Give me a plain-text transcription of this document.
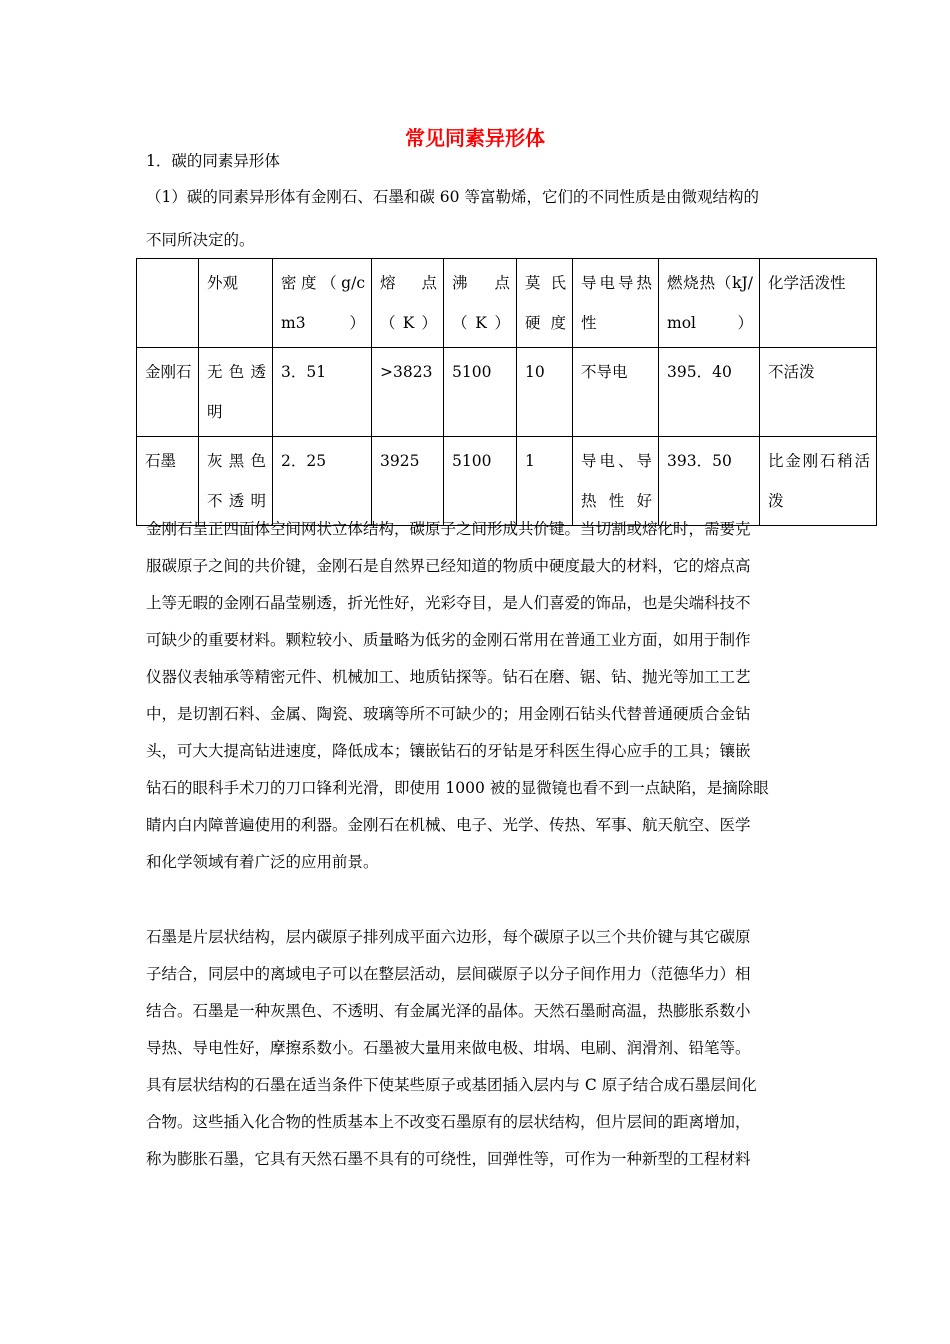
常见同素异形体
1．碳的同素异形体
（1）碳的同素异形体有金刚石、石墨和碳 60 等富勒烯，它们的不同性质是由微观结构的
不同所决定的。
	外观	密度（g/cm3）	熔点（K）	沸点（K）	莫氏硬度	导电导热性	燃烧热（kJ/mol）	化学活泼性
金刚石	无色透明	3．51	>3823	5100	10	不导电	395．40	不活泼
石墨	灰黑色不透明	2．25	3925	5100	1	导电、导热性好	393．50	比金刚石稍活泼
金刚石呈正四面体空间网状立体结构，碳原子之间形成共价键。当切割或熔化时，需要克
服碳原子之间的共价键，金刚石是自然界已经知道的物质中硬度最大的材料，它的熔点高
上等无暇的金刚石晶莹剔透，折光性好，光彩夺目，是人们喜爱的饰品，也是尖端科技不
可缺少的重要材料。颗粒较小、质量略为低劣的金刚石常用在普通工业方面，如用于制作
仪器仪表轴承等精密元件、机械加工、地质钻探等。钻石在磨、锯、钻、抛光等加工工艺
中，是切割石料、金属、陶瓷、玻璃等所不可缺少的；用金刚石钻头代替普通硬质合金钻
头，可大大提高钻进速度，降低成本；镶嵌钻石的牙钻是牙科医生得心应手的工具；镶嵌
钻石的眼科手术刀的刀口锋利光滑，即使用 1000 被的显微镜也看不到一点缺陷，是摘除眼
睛内白内障普遍使用的利器。金刚石在机械、电子、光学、传热、军事、航天航空、医学
和化学领域有着广泛的应用前景。
石墨是片层状结构，层内碳原子排列成平面六边形，每个碳原子以三个共价键与其它碳原
子结合，同层中的离域电子可以在整层活动，层间碳原子以分子间作用力（范德华力）相
结合。石墨是一种灰黑色、不透明、有金属光泽的晶体。天然石墨耐高温，热膨胀系数小
导热、导电性好，摩擦系数小。石墨被大量用来做电极、坩埚、电刷、润滑剂、铅笔等。
具有层状结构的石墨在适当条件下使某些原子或基团插入层内与 C 原子结合成石墨层间化
合物。这些插入化合物的性质基本上不改变石墨原有的层状结构，但片层间的距离增加，
称为膨胀石墨，它具有天然石墨不具有的可绕性，回弹性等，可作为一种新型的工程材料
